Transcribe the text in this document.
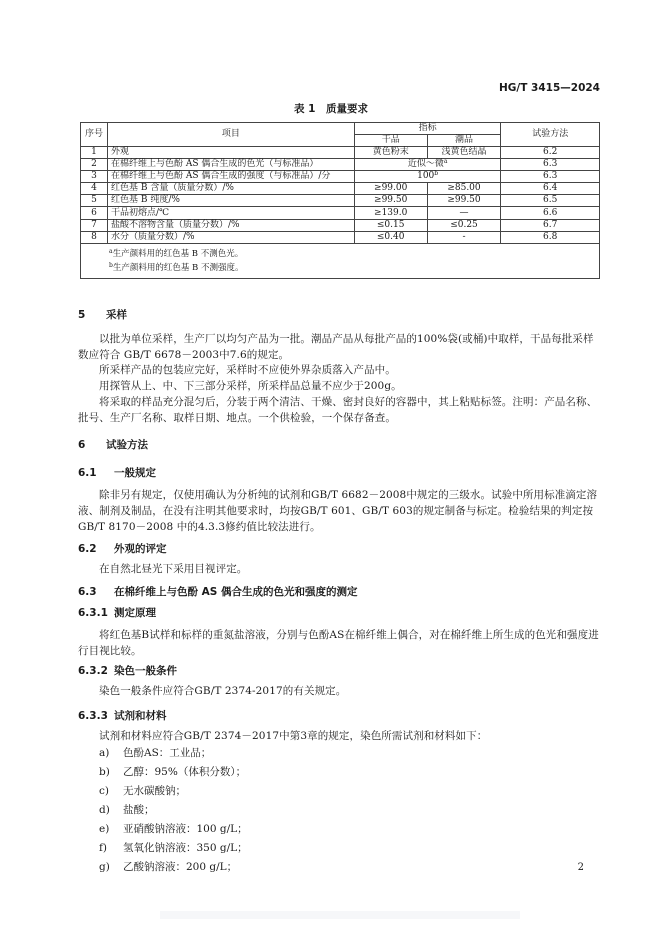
HG/T 3415—2024
表 1　质量要求
序号	项目	指标		试验方法
		干品	潮品	
1	外观	黄色粉末	浅黄色结晶	6.2
2	在棉纤维上与色酚 AS 偶合生成的色光（与标准品）	近似～微$^a$		6.3
3	在棉纤维上与色酚 AS 偶合生成的强度（与标准品）/分	100$^b$		6.3
4	红色基 B 含量（质量分数）/%	≥99.00	≥85.00	6.4
5	红色基 B 纯度/%	≥99.50	≥99.50	6.5
6	干品初熔点/℃	≥139.0	—	6.6
7	盐酸不溶物含量（质量分数）/%	≤0.15	≤0.25	6.7
8	水分（质量分数）/%	≤0.40	-	6.8

$^a$生产颜料用的红色基 B 不测色光。
$^b$生产颜料用的红色基 B 不测强度。				
5 采样
以批为单位采样，生产厂以均匀产品为一批。潮品产品从每批产品的100%袋(或桶)中取样，干品每批采样数应符合 GB/T 6678－2003中7.6的规定。
所采样产品的包装应完好，采样时不应使外界杂质落入产品中。
用探管从上、中、下三部分采样，所采样品总量不应少于200g。
将采取的样品充分混匀后，分装于两个清洁、干燥、密封良好的容器中，其上粘贴标签。注明：产品名称、批号、生产厂名称、取样日期、地点。一个供检验，一个保存备查。
6 试验方法
6.1 一般规定
除非另有规定，仅使用确认为分析纯的试剂和GB/T 6682－2008中规定的三级水。试验中所用标准滴定溶液、制剂及制品，在没有注明其他要求时，均按GB/T 601、GB/T 603的规定制备与标定。检验结果的判定按GB/T 8170－2008 中的4.3.3修约值比较法进行。
6.2 外观的评定
在自然北昼光下采用目视评定。
6.3 在棉纤维上与色酚 AS 偶合生成的色光和强度的测定
6.3.1 测定原理
将红色基B试样和标样的重氮盐溶液，分别与色酚AS在棉纤维上偶合，对在棉纤维上所生成的色光和强度进行目视比较。
6.3.2 染色一般条件
染色一般条件应符合GB/T 2374-2017的有关规定。
6.3.3 试剂和材料
试剂和材料应符合GB/T 2374－2017中第3章的规定，染色所需试剂和材料如下：
a) 色酚AS：工业品；
b) 乙醇：95%（体积分数）；
c) 无水碳酸钠；
d) 盐酸；
e) 亚硝酸钠溶液：100 g/L；
f) 氢氧化钠溶液：350 g/L；
g) 乙酸钠溶液：200 g/L；	2
